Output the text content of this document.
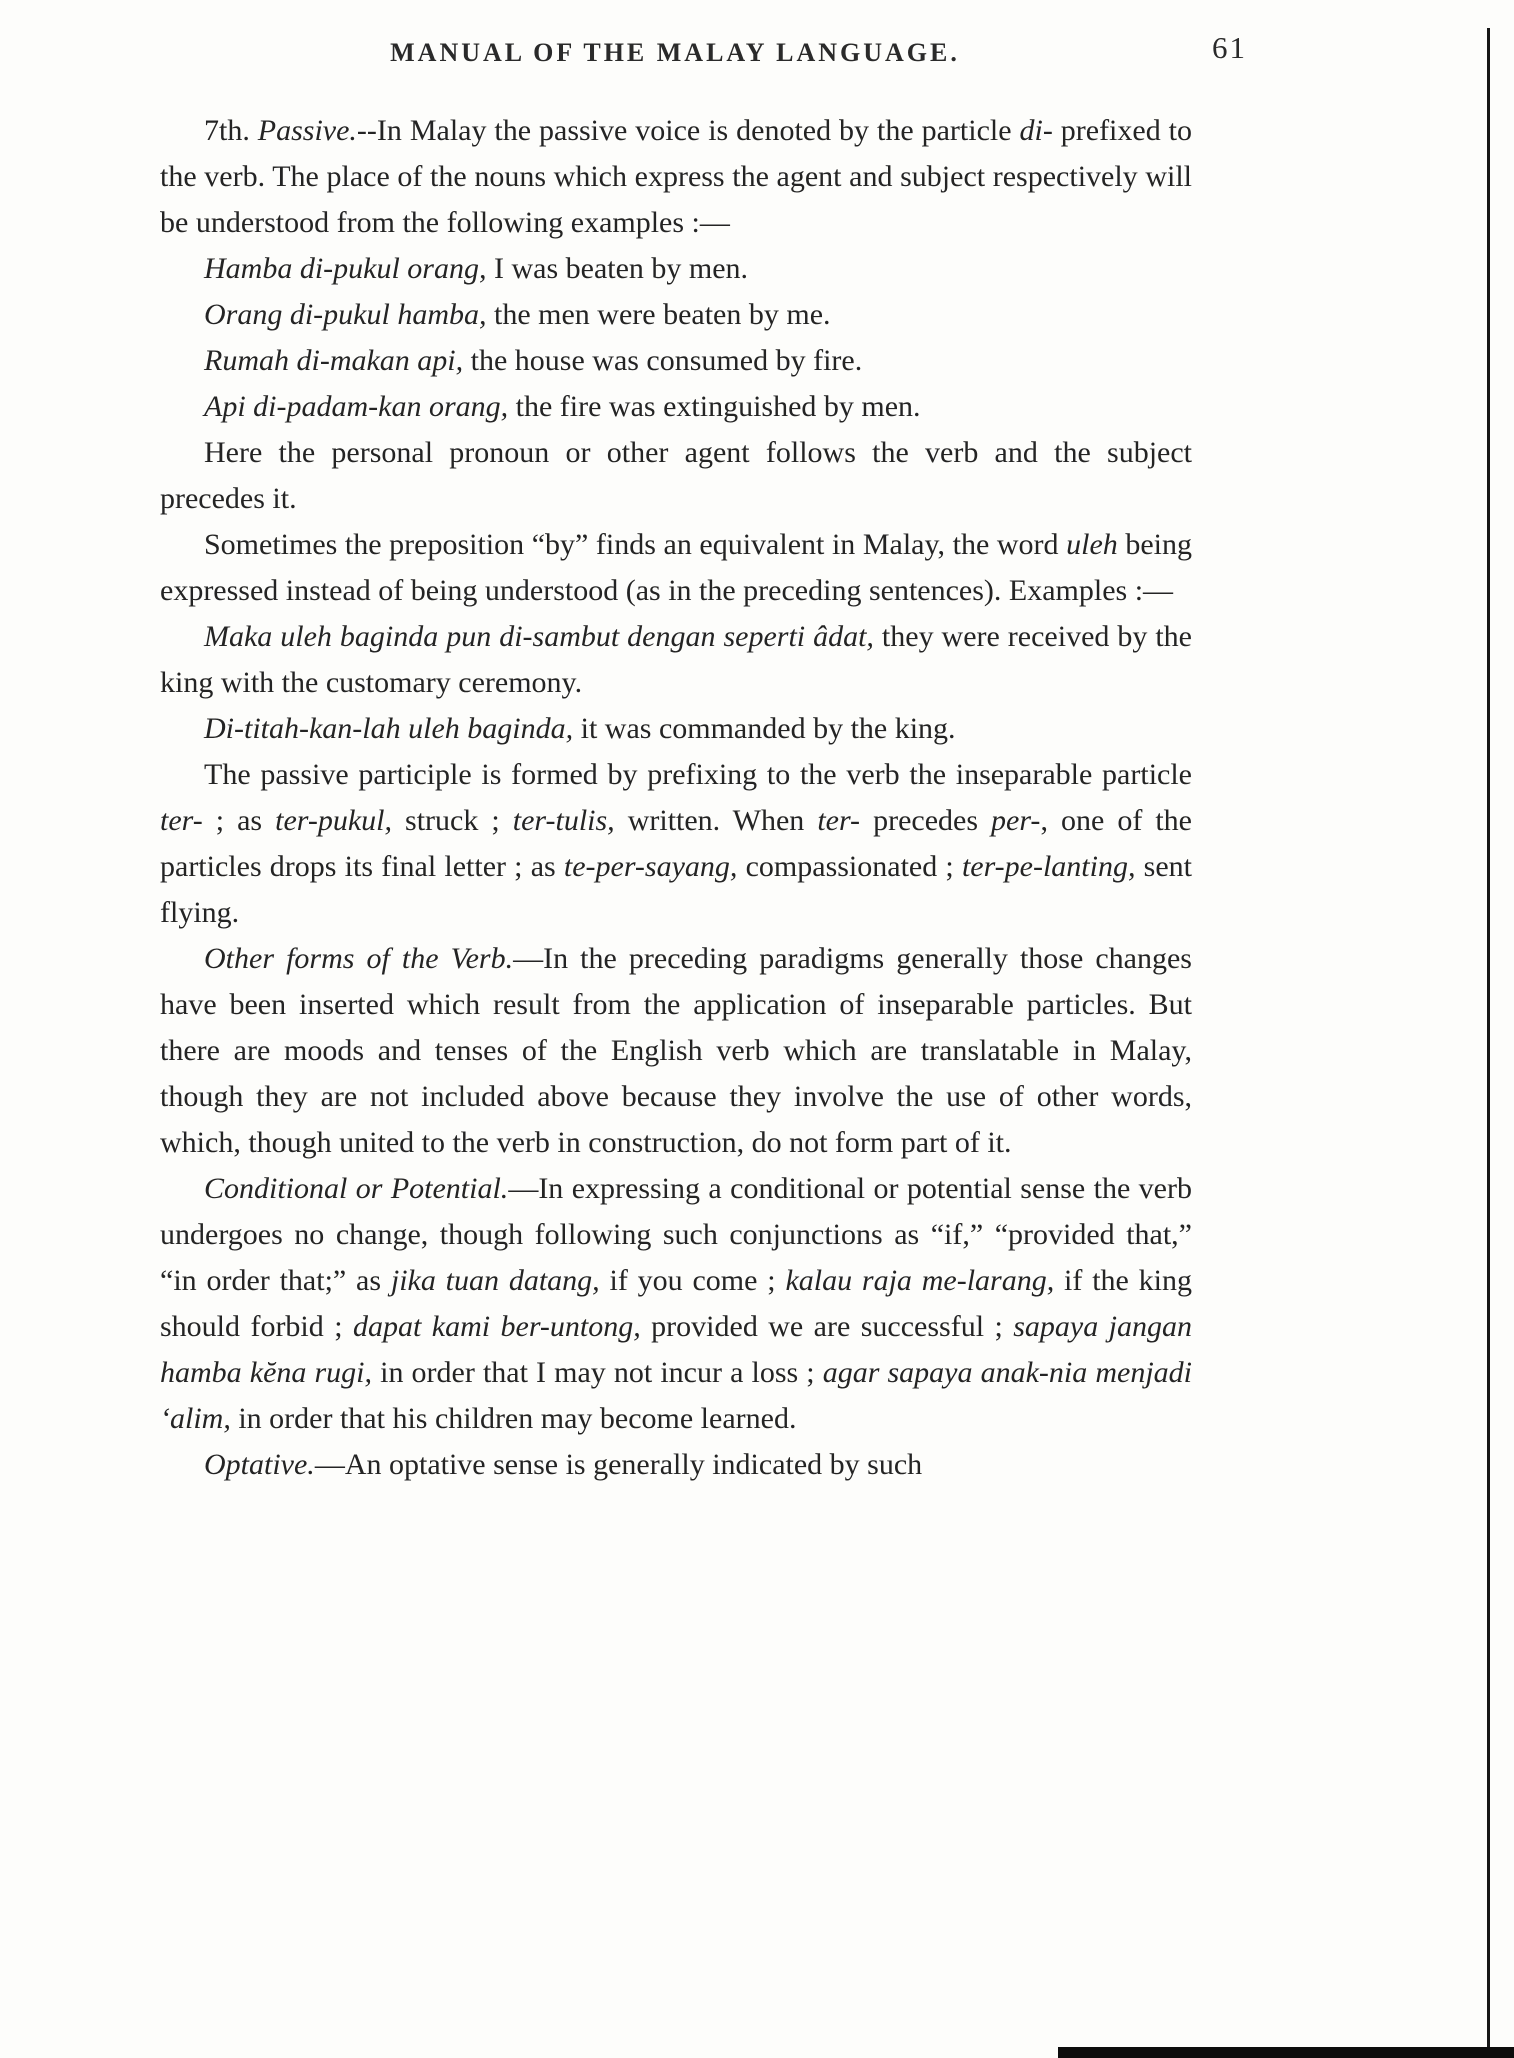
MANUAL OF THE MALAY LANGUAGE.	61

7th. Passive.--In Malay the passive voice is denoted by the particle di- prefixed to the verb. The place of the nouns which express the agent and subject respectively will be understood from the following examples :—

Hamba di-pukul orang, I was beaten by men.

Orang di-pukul hamba, the men were beaten by me.

Rumah di-makan api, the house was consumed by fire.

Api di-padam-kan orang, the fire was extinguished by men.

Here the personal pronoun or other agent follows the verb and the subject precedes it.

Sometimes the preposition “by” finds an equivalent in Malay, the word uleh being expressed instead of being understood (as in the preceding sentences). Examples :—

Maka uleh baginda pun di-sambut dengan seperti âdat, they were received by the king with the customary ceremony.

Di-titah-kan-lah uleh baginda, it was commanded by the king.

The passive participle is formed by prefixing to the verb the inseparable particle ter- ; as ter-pukul, struck ; ter-tulis, written. When ter- precedes per-, one of the particles drops its final letter ; as te-per-sayang, compassionated ; ter-pe-lanting, sent flying.

Other forms of the Verb.—In the preceding paradigms generally those changes have been inserted which result from the application of inseparable particles. But there are moods and tenses of the English verb which are translatable in Malay, though they are not included above because they involve the use of other words, which, though united to the verb in construction, do not form part of it.

Conditional or Potential.—In expressing a conditional or potential sense the verb undergoes no change, though following such conjunctions as “if,” “provided that,” “in order that;” as jika tuan datang, if you come ; kalau raja me-larang, if the king should forbid ; dapat kami ber-untong, provided we are successful ; sapaya jangan hamba kĕna rugi, in order that I may not incur a loss ; agar sapaya anak-nia menjadi ʻalim, in order that his children may become learned.

Optative.—An optative sense is generally indicated by such
